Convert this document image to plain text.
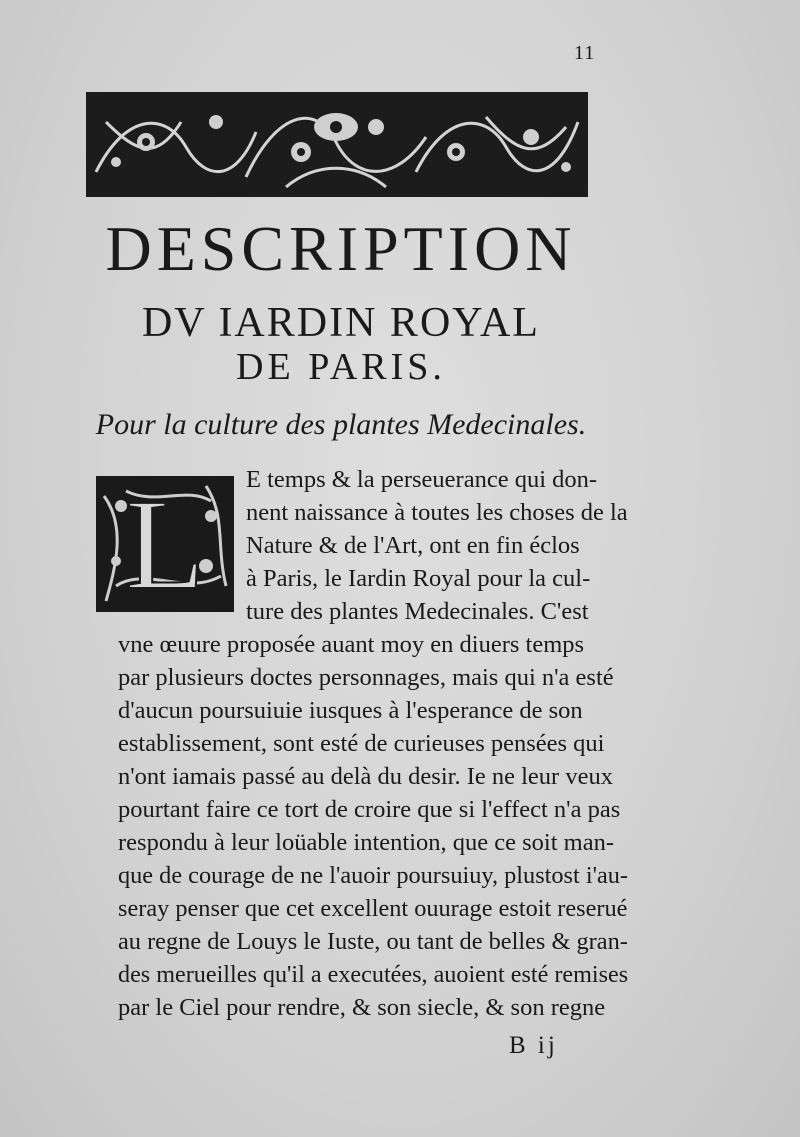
11
DESCRIPTION
DV IARDIN ROYAL
DE PARIS.
Pour la culture des plantes Medecinales.
L E temps & la perseuerance qui don-
nent naissance à toutes les choses de la
Nature & de l'Art, ont en fin éclos
à Paris, le Iardin Royal pour la cul-
ture des plantes Medecinales. C'est
vne œuure proposée auant moy en diuers temps
par plusieurs doctes personnages, mais qui n'a esté
d'aucun poursuiuie iusques à l'esperance de son
establissement, sont esté de curieuses pensées qui
n'ont iamais passé au delà du desir. Ie ne leur veux
pourtant faire ce tort de croire que si l'effect n'a pas
respondu à leur loüable intention, que ce soit man-
que de courage de ne l'auoir poursuiuy, plustost i'au-
seray penser que cet excellent ouurage estoit reserué
au regne de Louys le Iuste, ou tant de belles & gran-
des merueilles qu'il a executées, auoient esté remises
par le Ciel pour rendre, & son siecle, & son regne
B ij
